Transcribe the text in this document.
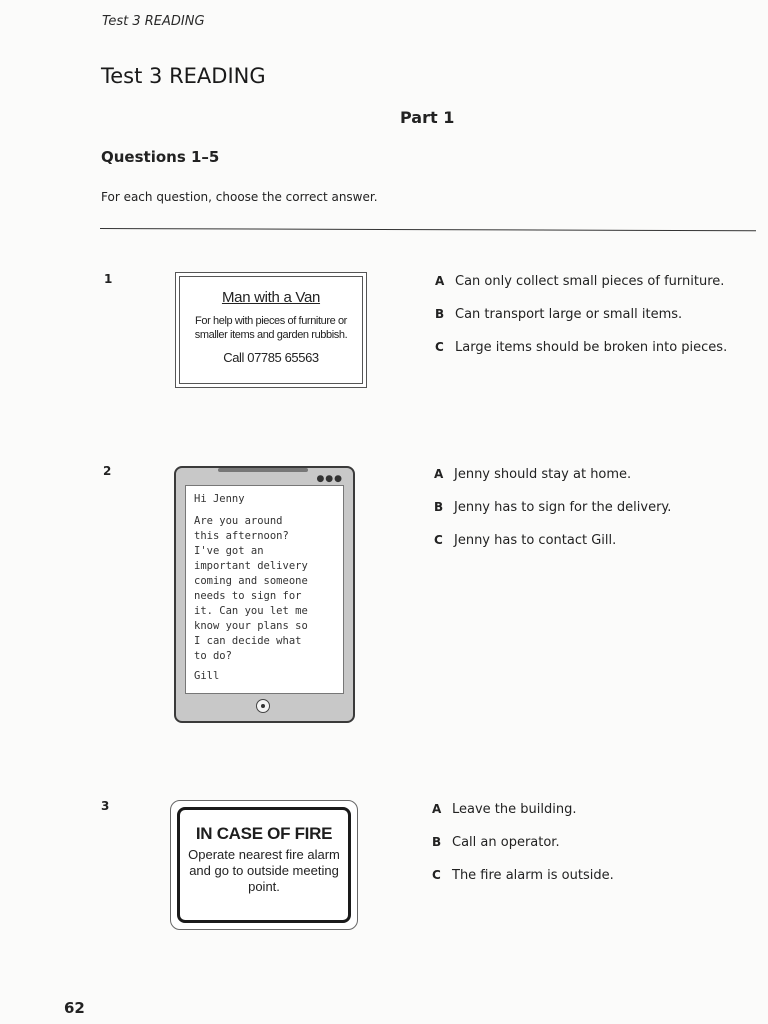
Test 3 READING
Test 3 READING
Part 1
Questions 1–5
For each question, choose the correct answer.
1
Man with a Van
For help with pieces of furniture or smaller items and garden rubbish.
Call 07785 65563
A Can only collect small pieces of furniture.
B Can transport large or small items.
C Large items should be broken into pieces.
2
●●●
Hi Jenny
Are you around
this afternoon?
I've got an
important delivery
coming and someone
needs to sign for
it. Can you let me
know your plans so
I can decide what
to do?
Gill
A Jenny should stay at home.
B Jenny has to sign for the delivery.
C Jenny has to contact Gill.
3
IN CASE OF FIRE
Operate nearest fire alarm and go to outside meeting point.
A Leave the building.
B Call an operator.
C The fire alarm is outside.
62
